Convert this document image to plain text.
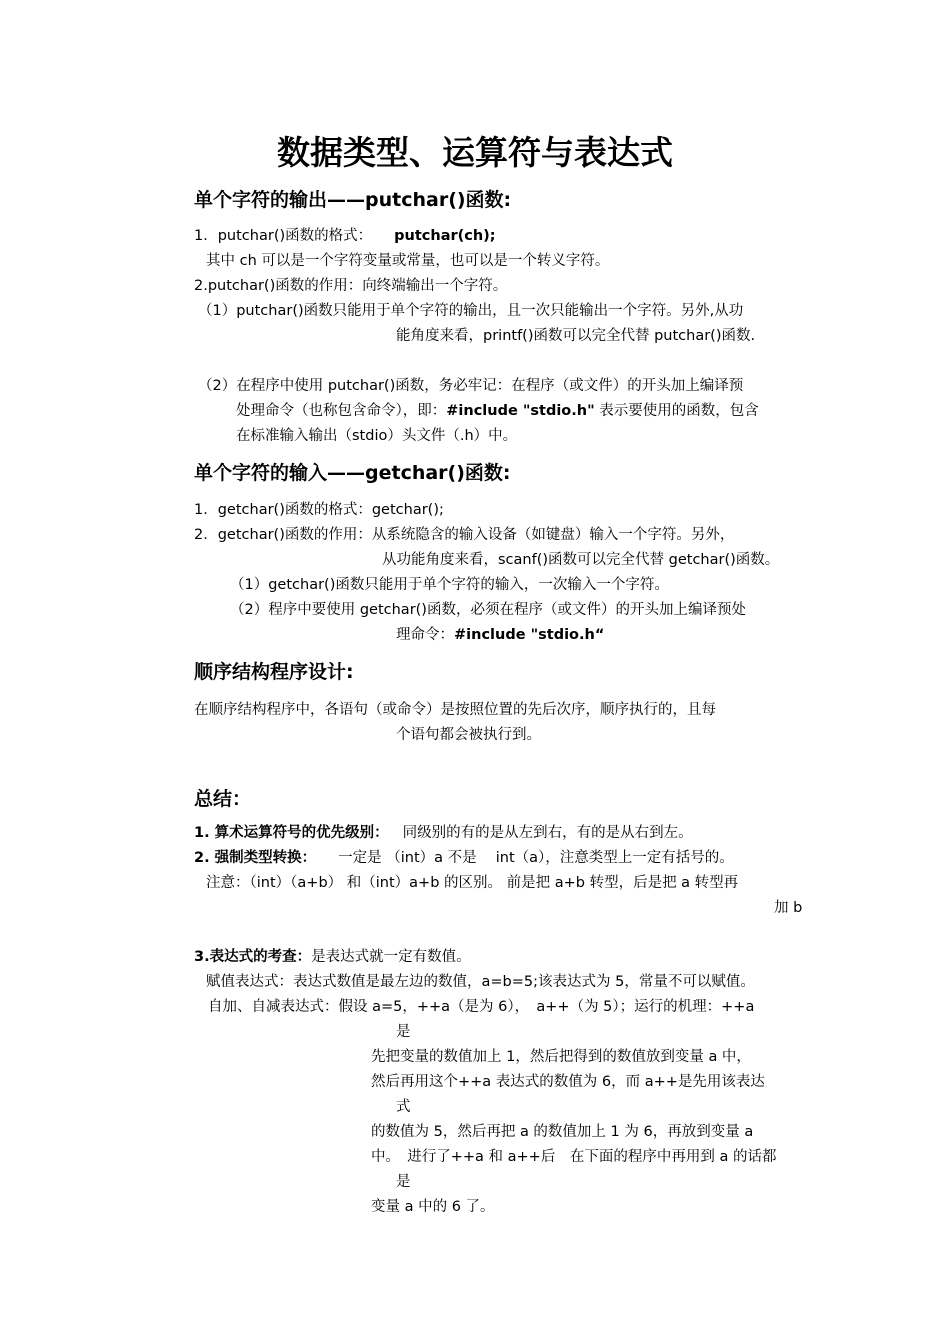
数据类型、运算符与表达式
单个字符的输出——putchar()函数:
1．putchar()函数的格式： putchar(ch);
其中 ch 可以是一个字符变量或常量，也可以是一个转义字符。
2.putchar()函数的作用：向终端输出一个字符。
（1）putchar()函数只能用于单个字符的输出，且一次只能输出一个字符。另外,从功
能角度来看，printf()函数可以完全代替 putchar()函数.
（2）在程序中使用 putchar()函数，务必牢记：在程序（或文件）的开头加上编译预
处理命令（也称包含命令），即：#include "stdio.h" 表示要使用的函数，包含
在标准输入输出（stdio）头文件（.h）中。
单个字符的输入——getchar()函数:
1．getchar()函数的格式：getchar();
2．getchar()函数的作用：从系统隐含的输入设备（如键盘）输入一个字符。另外，
从功能角度来看，scanf()函数可以完全代替 getchar()函数。
（1）getchar()函数只能用于单个字符的输入，一次输入一个字符。
（2）程序中要使用 getchar()函数，必须在程序（或文件）的开头加上编译预处
理命令：#include "stdio.h“
顺序结构程序设计:
在顺序结构程序中，各语句（或命令）是按照位置的先后次序，顺序执行的，且每
个语句都会被执行到。
总结：
1. 算术运算符号的优先级别： 同级别的有的是从左到右，有的是从右到左。
2. 强制类型转换： 一定是 （int）a 不是 　int（a），注意类型上一定有括号的。
注意：（int）（a+b） 和（int）a+b 的区别。 前是把 a+b 转型，后是把 a 转型再
加 b
3.表达式的考查：是表达式就一定有数值。
赋值表达式：表达式数值是最左边的数值，a=b=5;该表达式为 5，常量不可以赋值。
自加、自减表达式：假设 a=5，++a（是为 6），　a++（为 5）；运行的机理：++a
是
先把变量的数值加上 1，然后把得到的数值放到变量 a 中，
然后再用这个++a 表达式的数值为 6，而 a++是先用该表达
式
的数值为 5，然后再把 a 的数值加上 1 为 6，再放到变量 a
中。　进行了++a 和 a++后　在下面的程序中再用到 a 的话都
是
变量 a 中的 6 了。
